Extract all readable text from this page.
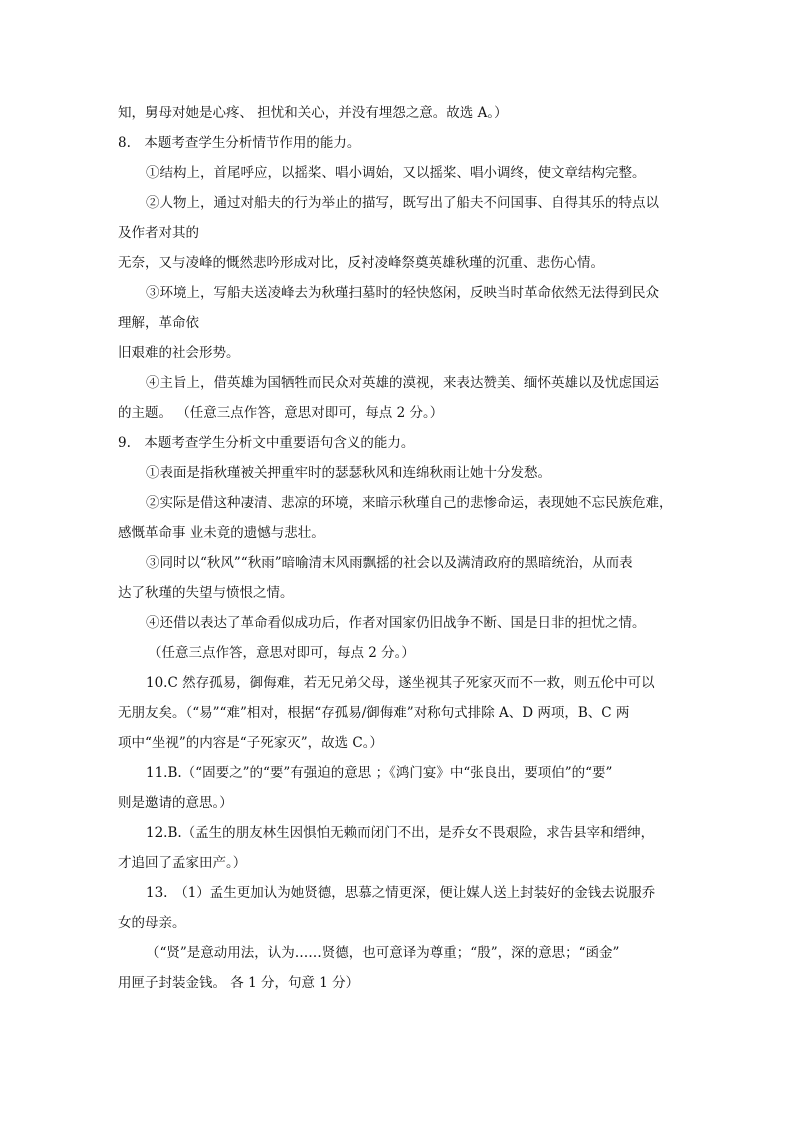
知，舅母对她是心疼、 担忧和关心，并没有埋怨之意。故选 A。）
8.　本题考查学生分析情节作用的能力。
①结构上，首尾呼应，以摇桨、唱小调始，又以摇桨、唱小调终，使文章结构完整。
②人物上，通过对船夫的行为举止的描写，既写出了船夫不问国事、自得其乐的特点以
及作者对其的
无奈，又与凌峰的慨然悲吟形成对比，反衬凌峰祭奠英雄秋瑾的沉重、悲伤心情。
③环境上，写船夫送凌峰去为秋瑾扫墓时的轻快悠闲，反映当时革命依然无法得到民众
理解，革命依
旧艰难的社会形势。
④主旨上，借英雄为国牺牲而民众对英雄的漠视，来表达赞美、缅怀英雄以及忧虑国运
的主题。 （任意三点作答，意思对即可，每点 2 分。）
9.　本题考查学生分析文中重要语句含义的能力。
①表面是指秋瑾被关押重牢时的瑟瑟秋风和连绵秋雨让她十分发愁。
②实际是借这种凄清、悲凉的环境，来暗示秋瑾自己的悲惨命运，表现她不忘民族危难，
感慨革命事 业未竟的遗憾与悲壮。
③同时以“秋风”“秋雨”暗喻清末风雨飘摇的社会以及满清政府的黑暗统治，从而表
达了秋瑾的失望与愤恨之情。
④还借以表达了革命看似成功后，作者对国家仍旧战争不断、国是日非的担忧之情。
（任意三点作答，意思对即可，每点 2 分。）
10.C 然存孤易，御侮难，若无兄弟父母，遂坐视其子死家灭而不一救，则五伦中可以
无朋友矣。（“易”“难”相对，根据“存孤易/御侮难”对称句式排除 A、D 两项，B、C 两
项中“坐视”的内容是“子死家灭”，故选 C。）
11.B.（“固要之”的“要”有强迫的意思 ；《鸿门宴》中“张良出，要项伯”的“要”
则是邀请的意思。）
12.B.（孟生的朋友林生因惧怕无赖而闭门不出，是乔女不畏艰险，求告县宰和缙绅，
才追回了孟家田产。）
13.　（1）孟生更加认为她贤德，思慕之情更深，便让媒人送上封装好的金钱去说服乔
女的母亲。
（“贤”是意动用法，认为……贤德，也可意译为尊重；“殷”，深的意思；“函金”
用匣子封装金钱。 各 1 分，句意 1 分）
